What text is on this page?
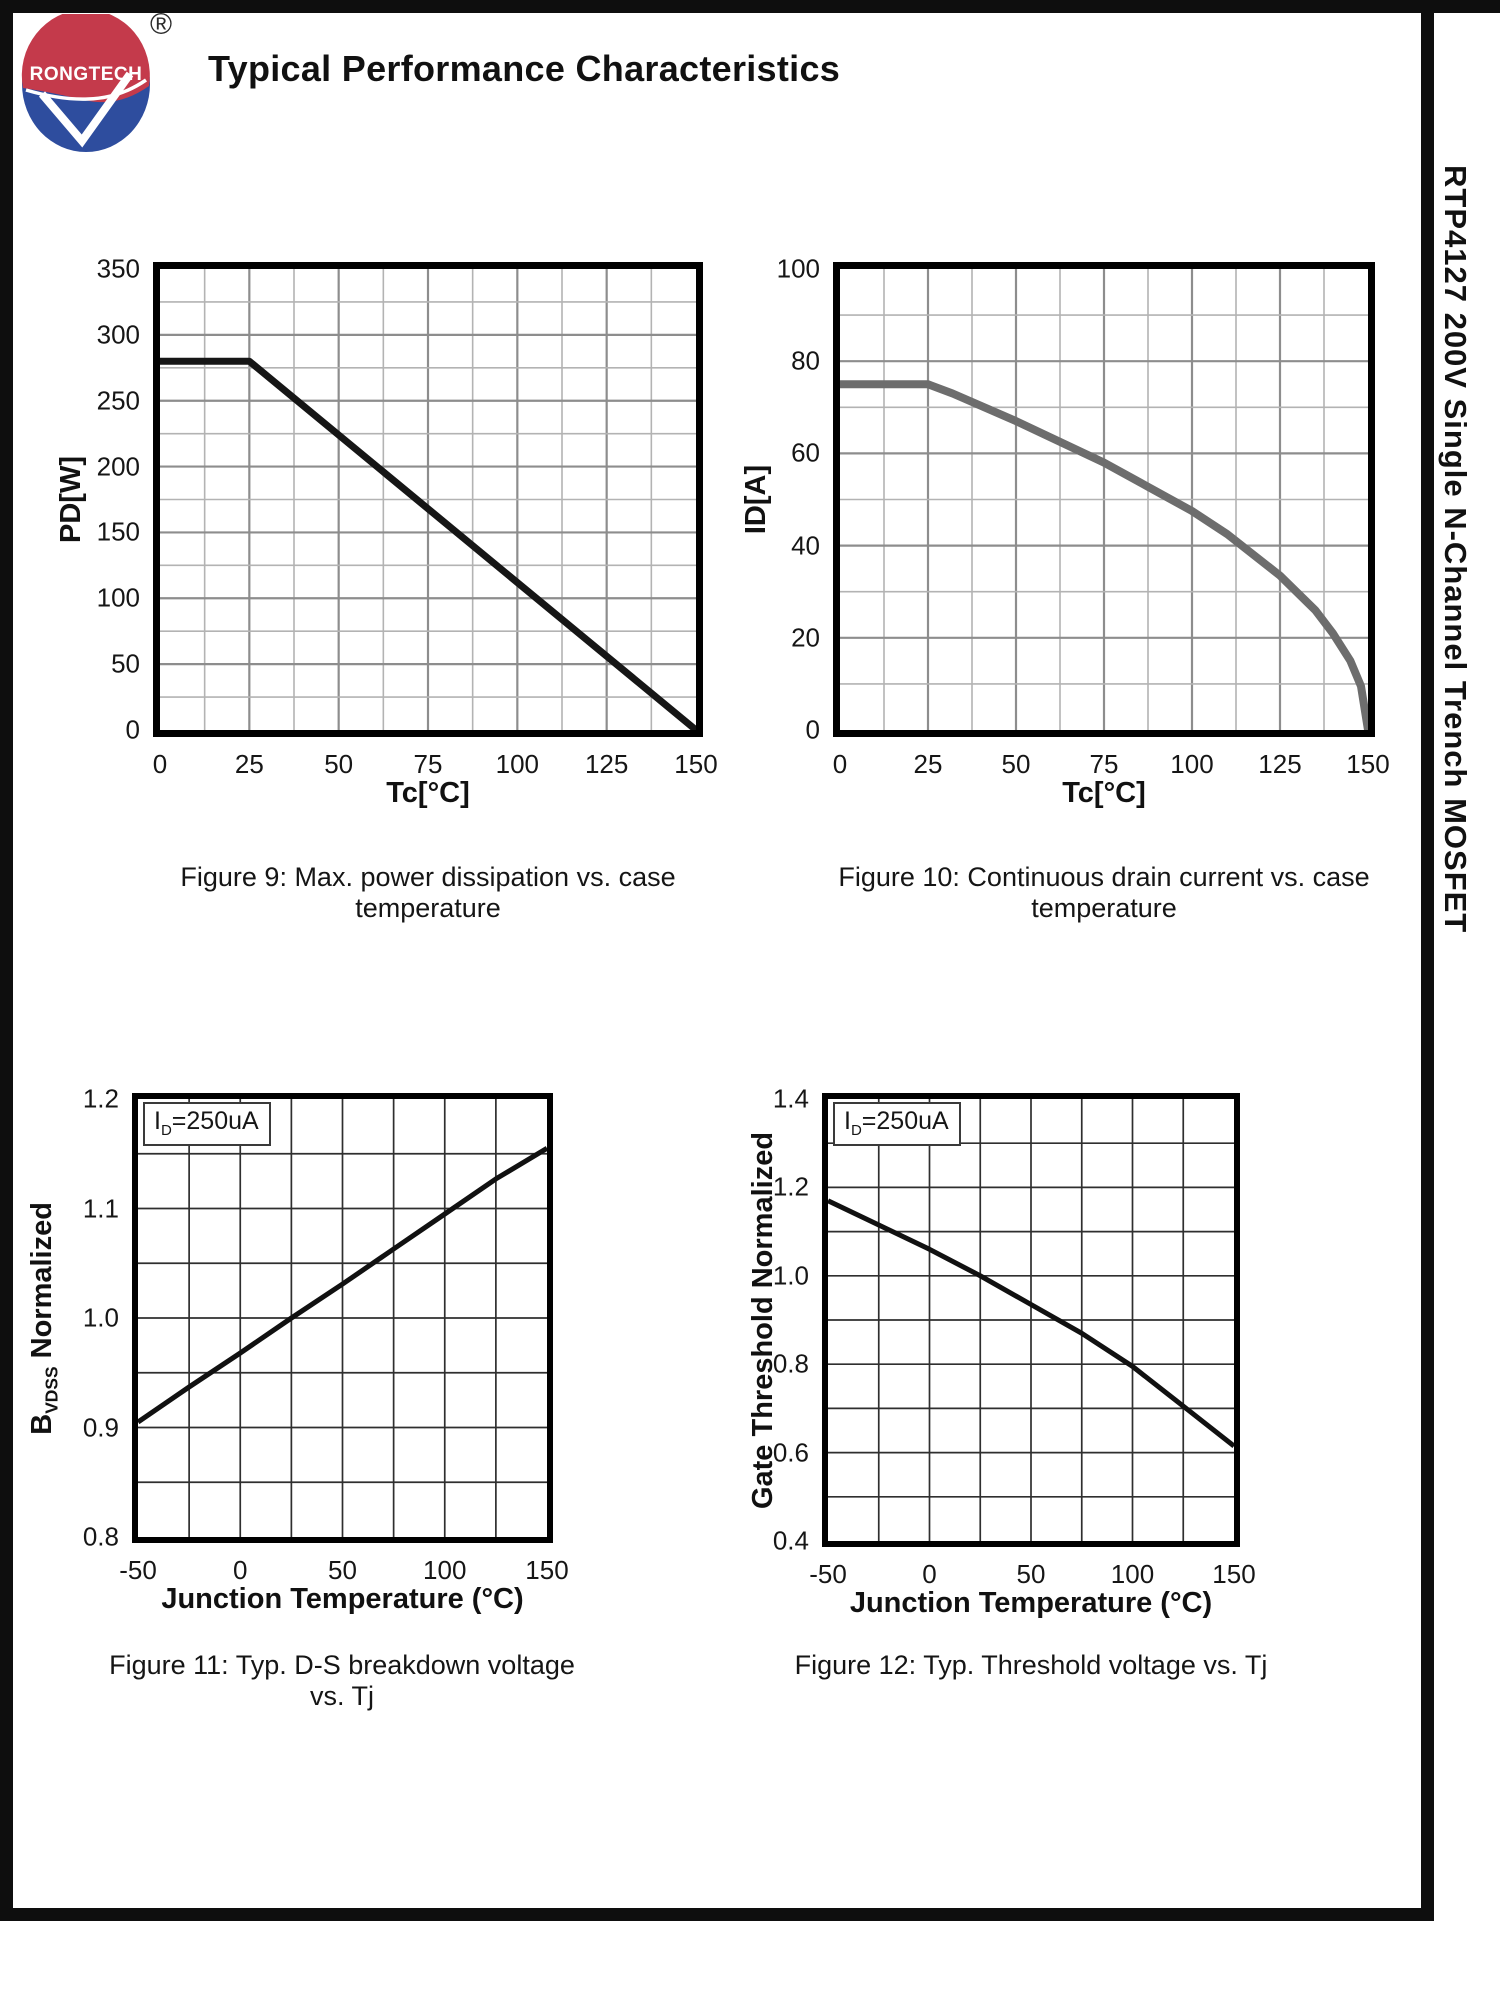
RONGTECH
®
Typical Performance Characteristics
RTP4127 200V Single N-Channel Trench MOSFET
PD[W]
Tc[°C]
0
50
100
150
200
250
300
350
0	25 50 75 100 125 150
Figure 9: Max. power dissipation vs. case temperature
ID[A]
Tc[°C]
0
20
40
60
80
100
0	25 50 75 100 125 150
Figure 10: Continuous drain current vs. case temperature
$B_{VDSS}$ Normalized
Junction Temperature (°C)
$I_D=250uA$
0.8
0.9
1.0
1.1
1.2
-50	0	50	100 150
Figure 11: Typ. D-S breakdown voltage vs. Tj
Gate Threshold Normalized
Junction Temperature (°C)
$I_D=250uA$
0.4
0.6
0.8
1.0
1.2
1.4
-50	0	50	100 150
Figure 12: Typ. Threshold voltage vs. Tj
